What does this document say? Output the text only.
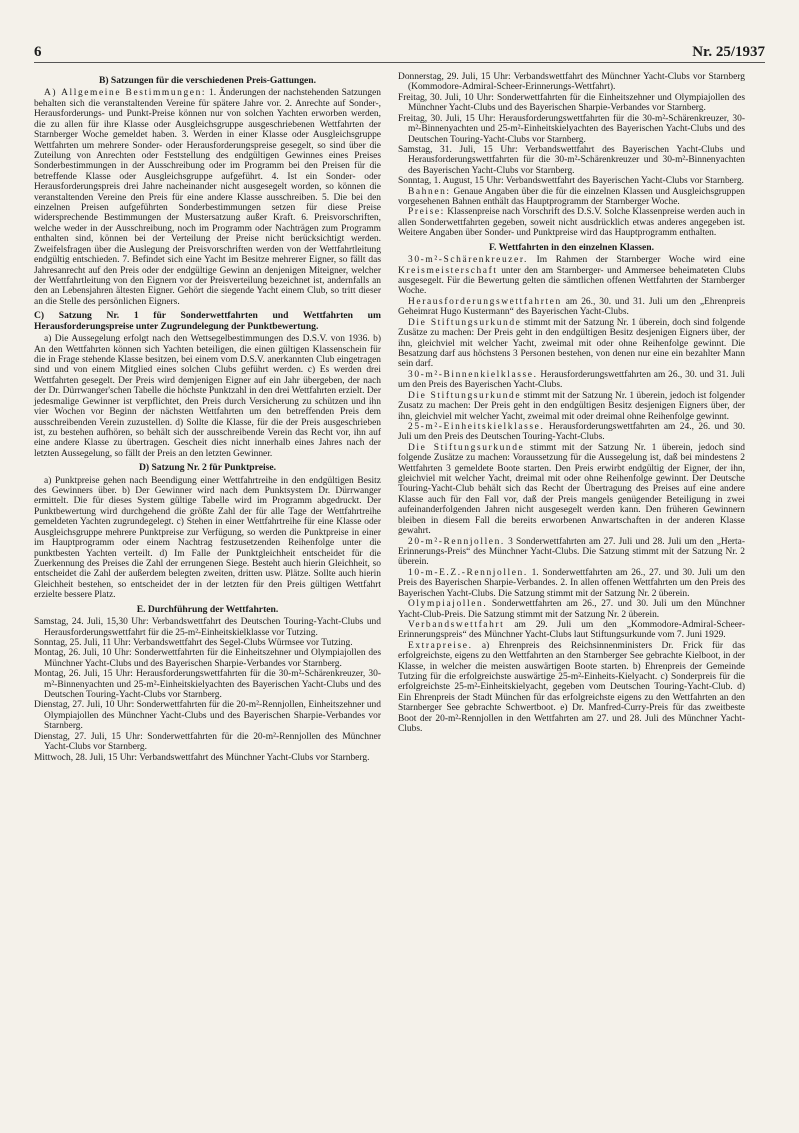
6	Nr. 25/1937
B) Satzungen für die verschiedenen Preis-Gattungen.

A) Allgemeine Bestimmungen: 1. Änderungen der nachstehenden Satzungen behalten sich die veranstaltenden Vereine für spätere Jahre vor. 2. Anrechte auf Sonder-, Herausforderungs- und Punkt-Preise können nur von solchen Yachten erworben werden, die zu allen für ihre Klasse oder Ausgleichsgruppe ausgeschriebenen Wettfahrten der Starnberger Woche gemeldet haben. 3. Werden in einer Klasse oder Ausgleichsgruppe Wettfahrten um mehrere Sonder- oder Herausforderungspreise gesegelt, so sind über die Zuteilung von Anrechten oder Feststellung des endgültigen Gewinnes eines Preises Sonderbestimmungen in der Ausschreibung oder im Programm bei den Preisen für die betreffende Klasse oder Ausgleichsgruppe aufgeführt. 4. Ist ein Sonder- oder Herausforderungspreis drei Jahre nacheinander nicht ausgesegelt worden, so können die veranstaltenden Vereine den Preis für eine andere Klasse ausschreiben. 5. Die bei den einzelnen Preisen aufgeführten Sonderbestimmungen setzen für diese Preise widersprechende Bestimmungen der Mustersatzung außer Kraft. 6. Preisvorschriften, welche weder in der Ausschreibung, noch im Programm oder Nachträgen zum Programm enthalten sind, können bei der Verteilung der Preise nicht berücksichtigt werden. Zweifelsfragen über die Auslegung der Preisvorschriften werden von der Wettfahrtleitung endgültig entschieden. 7. Befindet sich eine Yacht im Besitze mehrerer Eigner, so fällt das Jahresanrecht auf den Preis oder der endgültige Gewinn an denjenigen Miteigner, welcher der Wettfahrtleitung von den Eignern vor der Preisverteilung bezeichnet ist, andernfalls an den an Lebensjahren ältesten Eigner. Gehört die siegende Yacht einem Club, so tritt dieser an die Stelle des persönlichen Eigners.

C) Satzung Nr. 1 für Sonderwettfahrten und Wettfahrten um Herausforderungspreise unter Zugrundelegung der Punktbewertung.

a) Die Aussegelung erfolgt nach den Wettsegelbestimmungen des D.S.V. von 1936. b) An den Wettfahrten können sich Yachten beteiligen, die einen gültigen Klassenschein für die in Frage stehende Klasse besitzen, bei einem vom D.S.V. anerkannten Club eingetragen sind und von einem Mitglied eines solchen Clubs geführt werden. c) Es werden drei Wettfahrten gesegelt. Der Preis wird demjenigen Eigner auf ein Jahr übergeben, der nach der Dr. Dürrwanger'schen Tabelle die höchste Punktzahl in den drei Wettfahrten erzielt. Der jedesmalige Gewinner ist verpflichtet, den Preis durch Versicherung zu schützen und ihn vier Wochen vor Beginn der nächsten Wettfahrten um den betreffenden Preis dem ausschreibenden Verein zuzustellen. d) Sollte die Klasse, für die der Preis ausgeschrieben ist, zu bestehen aufhören, so behält sich der ausschreibende Verein das Recht vor, ihn auf eine andere Klasse zu übertragen. Gescheit dies nicht innerhalb eines Jahres nach der letzten Aussegelung, so fällt der Preis an den letzten Gewinner.

D) Satzung Nr. 2 für Punktpreise.

a) Punktpreise gehen nach Beendigung einer Wettfahrtreihe in den endgültigen Besitz des Gewinners über. b) Der Gewinner wird nach dem Punktsystem Dr. Dürrwanger ermittelt. Die für dieses System gültige Tabelle wird im Programm abgedruckt. Der Punktbewertung wird durchgehend die größte Zahl der für alle Tage der Wettfahrtreihe gemeldeten Yachten zugrundegelegt. c) Stehen in einer Wettfahrtreihe für eine Klasse oder Ausgleichsgruppe mehrere Punktpreise zur Verfügung, so werden die Punktpreise in einer im Hauptprogramm oder einem Nachtrag festzusetzenden Reihenfolge unter die punktbesten Yachten verteilt. d) Im Falle der Punktgleichheit entscheidet für die Zuerkennung des Preises die Zahl der errungenen Siege. Besteht auch hierin Gleichheit, so entscheidet die Zahl der außerdem belegten zweiten, dritten usw. Plätze. Sollte auch hierin Gleichheit bestehen, so entscheidet der in der letzten für den Preis gültigen Wettfahrt erzielte bessere Platz.

E. Durchführung der Wettfahrten.

Samstag, 24. Juli, 15,30 Uhr: Verbandswettfahrt des Deutschen Touring-Yacht-Clubs und Herausforderungswettfahrt für die 25-m²-Einheitskielklasse vor Tutzing.

Sonntag, 25. Juli, 11 Uhr: Verbandswettfahrt des Segel-Clubs Würmsee vor Tutzing.

Montag, 26. Juli, 10 Uhr: Sonderwettfahrten für die Einheitszehner und Olympiajollen des Münchner Yacht-Clubs und des Bayerischen Sharpie-Verbandes vor Starnberg.

Montag, 26. Juli, 15 Uhr: Herausforderungswettfahrten für die 30-m²-Schärenkreuzer, 30-m²-Binnenyachten und 25-m²-Einheitskielyachten des Bayerischen Yacht-Clubs und des Deutschen Touring-Yacht-Clubs vor Starnberg.

Dienstag, 27. Juli, 10 Uhr: Sonderwettfahrten für die 20-m²-Rennjollen, Einheitszehner und Olympiajollen des Münchner Yacht-Clubs und des Bayerischen Sharpie-Verbandes vor Starnberg.

Dienstag, 27. Juli, 15 Uhr: Sonderwettfahrten für die 20-m²-Rennjollen des Münchner Yacht-Clubs vor Starnberg.

Mittwoch, 28. Juli, 15 Uhr: Verbandswettfahrt des Münchner Yacht-Clubs vor Starnberg.

Donnerstag, 29. Juli, 15 Uhr: Verbandswettfahrt des Münchner Yacht-Clubs vor Starnberg (Kommodore-Admiral-Scheer-Erinnerungs-Wettfahrt).

Freitag, 30. Juli, 10 Uhr: Sonderwettfahrten für die Einheitszehner und Olympiajollen des Münchner Yacht-Clubs und des Bayerischen Sharpie-Verbandes vor Starnberg.

Freitag, 30. Juli, 15 Uhr: Herausforderungswettfahrten für die 30-m²-Schärenkreuzer, 30-m²-Binnenyachten und 25-m²-Einheitskielyachten des Bayerischen Yacht-Clubs und des Deutschen Touring-Yacht-Clubs vor Starnberg.

Samstag, 31. Juli, 15 Uhr: Verbandswettfahrt des Bayerischen Yacht-Clubs und Herausforderungswettfahrten für die 30-m²-Schärenkreuzer und 30-m²-Binnenyachten des Bayerischen Yacht-Clubs vor Starnberg.

Sonntag, 1. August, 15 Uhr: Verbandswettfahrt des Bayerischen Yacht-Clubs vor Starnberg.

Bahnen: Genaue Angaben über die für die einzelnen Klassen und Ausgleichsgruppen vorgesehenen Bahnen enthält das Hauptprogramm der Starnberger Woche.

Preise: Klassenpreise nach Vorschrift des D.S.V. Solche Klassenpreise werden auch in allen Sonderwettfahrten gegeben, soweit nicht ausdrücklich etwas anderes angegeben ist. Weitere Angaben über Sonder- und Punktpreise wird das Hauptprogramm enthalten.

F. Wettfahrten in den einzelnen Klassen.

30-m²-Schärenkreuzer. Im Rahmen der Starnberger Woche wird eine Kreismeisterschaft unter den am Starnberger- und Ammersee beheimateten Clubs ausgesegelt. Für die Bewertung gelten die sämtlichen offenen Wettfahrten der Starnberger Woche.

Herausforderungswettfahrten am 26., 30. und 31. Juli um den „Ehrenpreis Geheimrat Hugo Kustermann“ des Bayerischen Yacht-Clubs.

Die Stiftungsurkunde stimmt mit der Satzung Nr. 1 überein, doch sind folgende Zusätze zu machen: Der Preis geht in den endgültigen Besitz desjenigen Eigners über, der ihn, gleichviel mit welcher Yacht, zweimal mit oder ohne Reihenfolge gewinnt. Die Besatzung darf aus höchstens 3 Personen bestehen, von denen nur eine ein bezahlter Mann sein darf.

30-m²-Binnenkielklasse. Herausforderungswettfahrten am 26., 30. und 31. Juli um den Preis des Bayerischen Yacht-Clubs.

Die Stiftungsurkunde stimmt mit der Satzung Nr. 1 überein, jedoch ist folgender Zusatz zu machen: Der Preis geht in den endgültigen Besitz desjenigen Eigners über, der ihn, gleichviel mit welcher Yacht, zweimal mit oder dreimal ohne Reihenfolge gewinnt.

25-m²-Einheitskielklasse. Herausforderungswettfahrten am 24., 26. und 30. Juli um den Preis des Deutschen Touring-Yacht-Clubs.

Die Stiftungsurkunde stimmt mit der Satzung Nr. 1 überein, jedoch sind folgende Zusätze zu machen: Voraussetzung für die Aussegelung ist, daß bei mindestens 2 Wettfahrten 3 gemeldete Boote starten. Den Preis erwirbt endgültig der Eigner, der ihn, gleichviel mit welcher Yacht, dreimal mit oder ohne Reihenfolge gewinnt. Der Deutsche Touring-Yacht-Club behält sich das Recht der Übertragung des Preises auf eine andere Klasse auch für den Fall vor, daß der Preis mangels genügender Beteiligung in zwei aufeinanderfolgenden Jahren nicht ausgesegelt werden kann. Den früheren Gewinnern bleiben in diesem Fall die bereits erworbenen Anwartschaften in der anderen Klasse gewahrt.

20-m²-Rennjollen. 3 Sonderwettfahrten am 27. Juli und 28. Juli um den „Herta-Erinnerungs-Preis“ des Münchner Yacht-Clubs. Die Satzung stimmt mit der Satzung Nr. 2 überein.

10-m-E.Z.-Rennjollen. 1. Sonderwettfahrten am 26., 27. und 30. Juli um den Preis des Bayerischen Sharpie-Verbandes. 2. In allen offenen Wettfahrten um den Preis des Bayerischen Yacht-Clubs. Die Satzung stimmt mit der Satzung Nr. 2 überein.

Olympiajollen. Sonderwettfahrten am 26., 27. und 30. Juli um den Münchner Yacht-Club-Preis. Die Satzung stimmt mit der Satzung Nr. 2 überein.

Verbandswettfahrt am 29. Juli um den „Kommodore-Admiral-Scheer-Erinnerungspreis“ des Münchner Yacht-Clubs laut Stiftungsurkunde vom 7. Juni 1929.

Extrapreise. a) Ehrenpreis des Reichsinnenministers Dr. Frick für das erfolgreichste, eigens zu den Wettfahrten an den Starnberger See gebrachte Kielboot, in der Klasse, in welcher die meisten auswärtigen Boote starten. b) Ehrenpreis der Gemeinde Tutzing für die erfolgreichste auswärtige 25-m²-Einheits-Kielyacht. c) Sonderpreis für die erfolgreichste 25-m²-Einheitskielyacht, gegeben vom Deutschen Touring-Yacht-Club. d) Ein Ehrenpreis der Stadt München für das erfolgreichste eigens zu den Wettfahrten an den Starnberger See gebrachte Schwertboot. e) Dr. Manfred-Curry-Preis für das zweitbeste Boot der 20-m²-Rennjollen in den Wettfahrten am 27. und 28. Juli des Münchner Yacht-Clubs.
